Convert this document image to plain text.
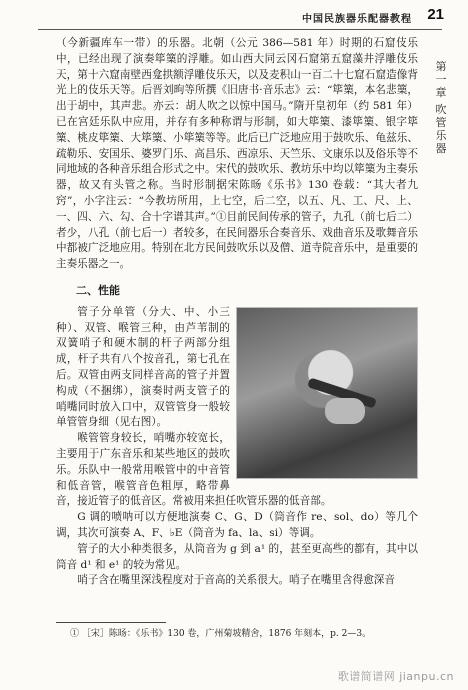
中国民族器乐配器教程 21
第一章
吹管乐器

（今新疆库车一带）的乐器。北朝（公元 386—581 年）时期的石窟伎乐中，已经出现了演奏筚篥的浮雕。如山西大同云冈石窟第五窟藻井浮雕伎乐天，第十六窟南壁西龛拱额浮雕伎乐天，以及麦积山一百二十七窟石窟造像背光上的伎乐天等。后晋刘昫等所撰《旧唐书·音乐志》云：“筚篥，本名悲篥，出于胡中，其声悲。亦云：胡人吹之以惊中国马。”隋开皇初年（约 581 年）已在宫廷乐队中应用，并存有多种称谓与形制，如大筚篥、漆筚篥、银字筚篥、桃皮筚篥、大筚篥、小筚篥等等。此后已广泛地应用于鼓吹乐、龟兹乐、疏勒乐、安国乐、婆罗门乐、高昌乐、西凉乐、天竺乐、文康乐以及俗乐等不同地域的各种音乐组合形式之中。宋代的鼓吹乐、教坊乐中均以筚篥为主奏乐器，故又有头管之称。当时形制据宋陈旸《乐书》130 卷载：“其大者九窍”，小字注云：“今教坊所用，上七空，后二空，以五、凡、工、尺、上、一、四、六、勾、合十字谱其声。”①目前民间传承的管子，九孔（前七后二）者少，八孔（前七后一）者较多，在民间器乐合奏音乐、戏曲音乐及歌舞音乐中都被广泛地应用。特别在北方民间鼓吹乐以及僧、道寺院音乐中，是重要的主奏乐器之一。

二、性能

管子分单管（分大、中、小三种）、双管、喉管三种，由芦苇制的双簧哨子和硬木制的杆子两部分组成，杆子共有八个按音孔，第七孔在后。双管由两支同样音高的管子并置构成（不捆绑），演奏时两支管子的哨嘴同时放入口中，双管管身一般较单管管身细（见右图）。

喉管管身较长，哨嘴亦较宽长，主要用于广东音乐和某些地区的鼓吹乐。乐队中一般常用喉管中的中音管和低音管，喉管音色粗厚，略带鼻音，接近管子的低音区。常被用来担任吹管乐器的低音部。

G 调的喷呐可以方便地演奏 C、G、D（筒音作 re、sol、do）等几个调，其次可演奏 A、F、♭E（筒音为 fa、la、si）等调。

管子的大小种类很多，从筒音为 g 到 a¹ 的，甚至更高些的都有，其中以筒音 d¹ 和 e¹ 的较为常见。

哨子含在嘴里深浅程度对于音高的关系很大。哨子在嘴里含得愈深音

① ［宋］陈旸：《乐书》130 卷，广州菊坡精舍，1876 年刻本，p. 2—3。
歌谱简谱网 jianpu.cn
